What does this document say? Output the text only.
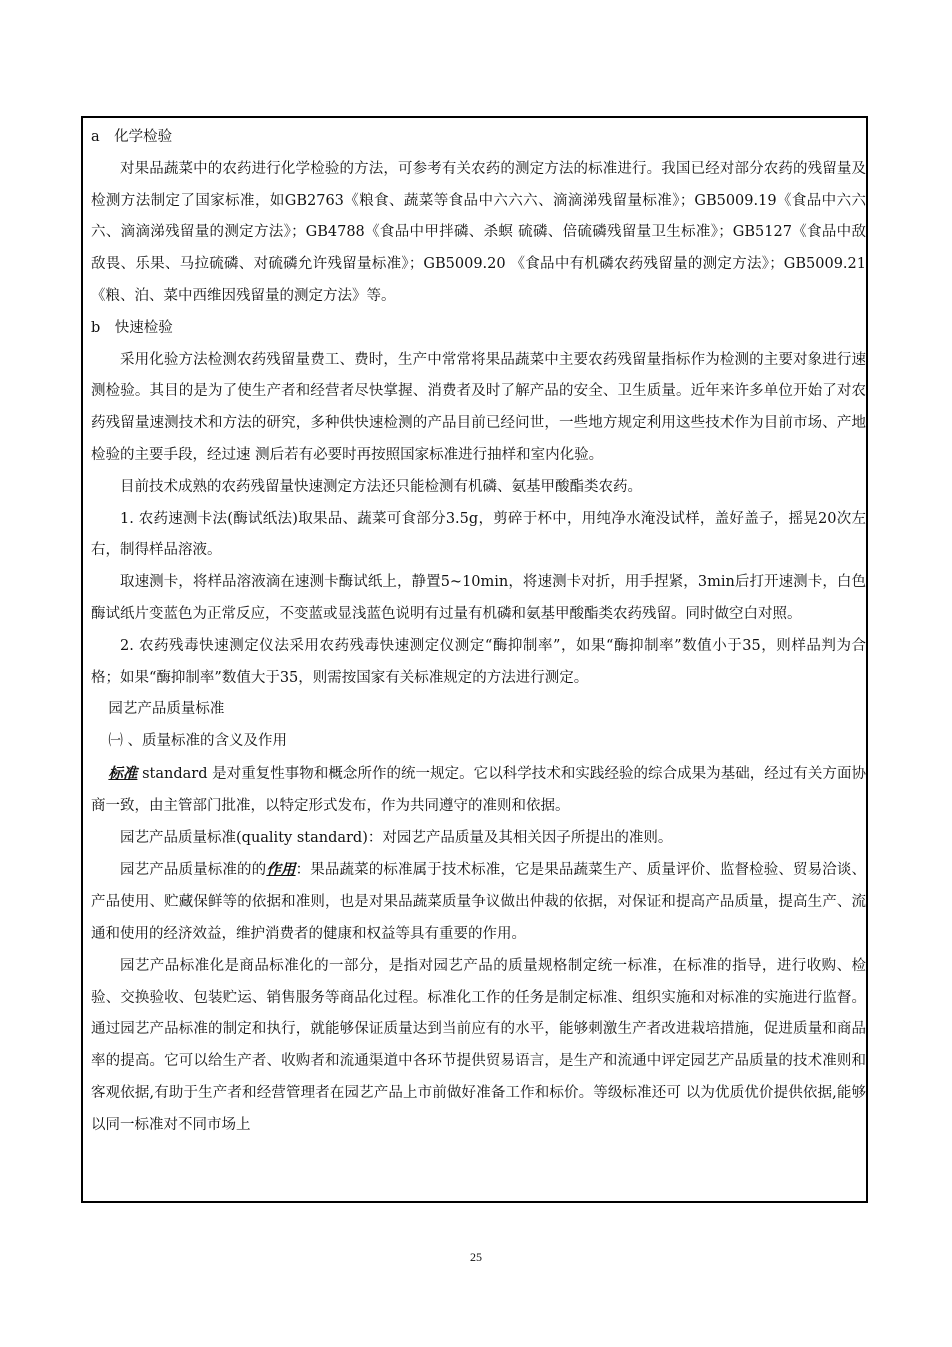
a　化学检验

对果品蔬菜中的农药进行化学检验的方法，可参考有关农药的测定方法的标准进行。我国已经对部分农药的残留量及检测方法制定了国家标准，如GB2763《粮食、蔬菜等食品中六六六、滴滴涕残留量标准》；GB5009.19《食品中六六六、滴滴涕残留量的测定方法》；GB4788《食品中甲拌磷、杀螟 硫磷、倍硫磷残留量卫生标准》；GB5127《食品中敌敌畏、乐果、马拉硫磷、对硫磷允许残留量标准》；GB5009.20 《食品中有机磷农药残留量的测定方法》；GB5009.21 《粮、泊、菜中西维因残留量的测定方法》等。

b　快速检验

采用化验方法检测农药残留量费工、费时，生产中常常将果品蔬菜中主要农药残留量指标作为检测的主要对象进行速测检验。其目的是为了使生产者和经营者尽快掌握、消费者及时了解产品的安全、卫生质量。近年来许多单位开始了对农药残留量速测技术和方法的研究，多种供快速检测的产品目前已经问世，一些地方规定利用这些技术作为目前市场、产地检验的主要手段，经过速 测后若有必要时再按照国家标准进行抽样和室内化验。

目前技术成熟的农药残留量快速测定方法还只能检测有机磷、氨基甲酸酯类农药。

1. 农药速测卡法(酶试纸法)取果品、蔬菜可食部分3.5g，剪碎于杯中，用纯净水淹没试样，盖好盖子，摇晃20次左右，制得样品溶液。

取速测卡，将样品溶液滴在速测卡酶试纸上，静置5~10min，将速测卡对折，用手捏紧，3min后打开速测卡，白色酶试纸片变蓝色为正常反应，不变蓝或显浅蓝色说明有过量有机磷和氨基甲酸酯类农药残留。同时做空白对照。

2. 农药残毒快速测定仪法采用农药残毒快速测定仪测定“酶抑制率”，如果“酶抑制率”数值小于35，则样品判为合格；如果“酶抑制率”数值大于35，则需按国家有关标准规定的方法进行测定。

园艺产品质量标准

㈠ 、质量标准的含义及作用

标准 standard 是对重复性事物和概念所作的统一规定。它以科学技术和实践经验的综合成果为基础，经过有关方面协商一致，由主管部门批准，以特定形式发布，作为共同遵守的准则和依据。

园艺产品质量标准(quality standard)：对园艺产品质量及其相关因子所提出的准则。

园艺产品质量标准的的作用：果品蔬菜的标准属于技术标准，它是果品蔬菜生产、质量评价、监督检验、贸易洽谈、产品使用、贮藏保鲜等的依据和准则，也是对果品蔬菜质量争议做出仲裁的依据，对保证和提高产品质量，提高生产、流通和使用的经济效益，维护消费者的健康和权益等具有重要的作用。

园艺产品标准化是商品标准化的一部分，是指对园艺产品的质量规格制定统一标准，在标准的指导，进行收购、检验、交换验收、包装贮运、销售服务等商品化过程。标准化工作的任务是制定标准、组织实施和对标准的实施进行监督。通过园艺产品标准的制定和执行，就能够保证质量达到当前应有的水平，能够刺激生产者改进栽培措施，促进质量和商品率的提高。它可以给生产者、收购者和流通渠道中各环节提供贸易语言，是生产和流通中评定园艺产品质量的技术准则和客观依据,有助于生产者和经营管理者在园艺产品上市前做好准备工作和标价。等级标准还可 以为优质优价提供依据,能够以同一标准对不同市场上

25
